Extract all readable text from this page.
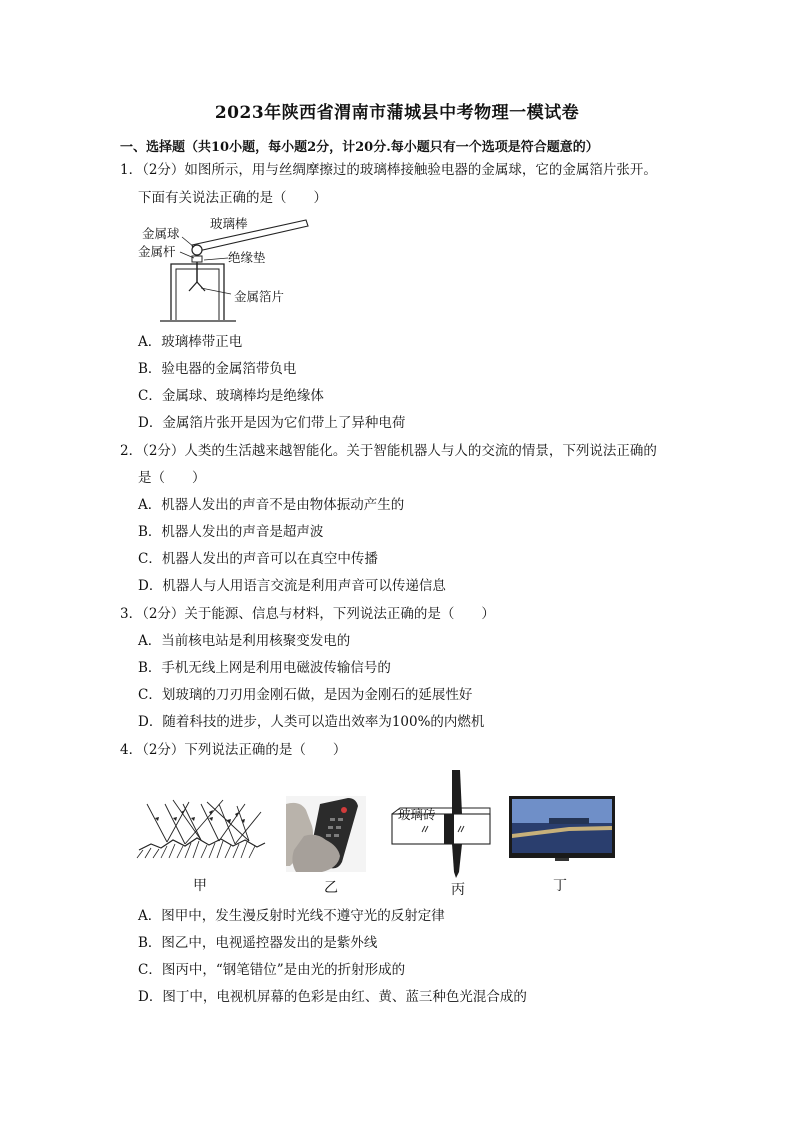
2023年陕西省渭南市蒲城县中考物理一模试卷
一、选择题（共10小题，每小题2分，计20分.每小题只有一个选项是符合题意的）
1．（2分）如图所示，用与丝绸摩擦过的玻璃棒接触验电器的金属球，它的金属箔片张开。
下面有关说法正确的是（　　）
金属球
玻璃棒
金属杆	绝缘垫
金属箔片
A．玻璃棒带正电
B．验电器的金属箔带负电
C．金属球、玻璃棒均是绝缘体
D．金属箔片张开是因为它们带上了异种电荷
2．（2分）人类的生活越来越智能化。关于智能机器人与人的交流的情景，下列说法正确的
是（　　）
A．机器人发出的声音不是由物体振动产生的
B．机器人发出的声音是超声波
C．机器人发出的声音可以在真空中传播
D．机器人与人用语言交流是利用声音可以传递信息
3．（2分）关于能源、信息与材料，下列说法正确的是（　　）
A．当前核电站是利用核聚变发电的
B．手机无线上网是利用电磁波传输信号的
C．划玻璃的刀刃用金刚石做，是因为金刚石的延展性好
D．随着科技的进步，人类可以造出效率为100%的内燃机
4．（2分）下列说法正确的是（　　）
玻璃砖
甲	乙	丙	丁
A．图甲中，发生漫反射时光线不遵守光的反射定律
B．图乙中，电视遥控器发出的是紫外线
C．图丙中，“钢笔错位”是由光的折射形成的
D．图丁中，电视机屏幕的色彩是由红、黄、蓝三种色光混合成的
